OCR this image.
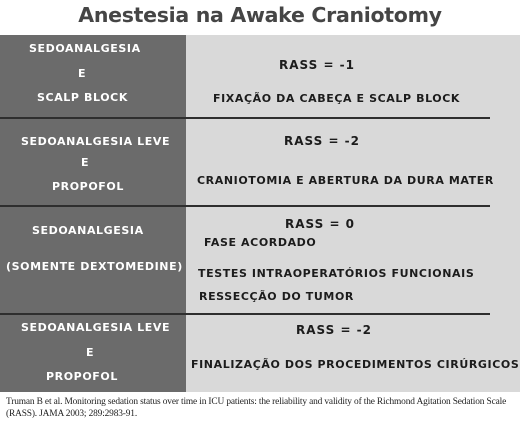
Anestesia na Awake Craniotomy
SEDOANALGESIA
E
SCALP BLOCK
RASS = -1
FIXAÇÃO DA CABEÇA E SCALP BLOCK
SEDOANALGESIA LEVE
E
PROPOFOL
RASS = -2
CRANIOTOMIA E ABERTURA DA DURA MATER
SEDOANALGESIA
(SOMENTE DEXTOMEDINE)
RASS = 0
FASE ACORDADO
TESTES INTRAOPERATÓRIOS FUNCIONAIS
RESSECÇÃO DO TUMOR
SEDOANALGESIA LEVE
E
PROPOFOL
RASS = -2
FINALIZAÇÃO DOS PROCEDIMENTOS CIRÚRGICOS
Truman B et al. Monitoring sedation status over time in ICU patients: the reliability and validity of the Richmond Agitation Sedation Scale (RASS). JAMA 2003; 289:2983-91.
